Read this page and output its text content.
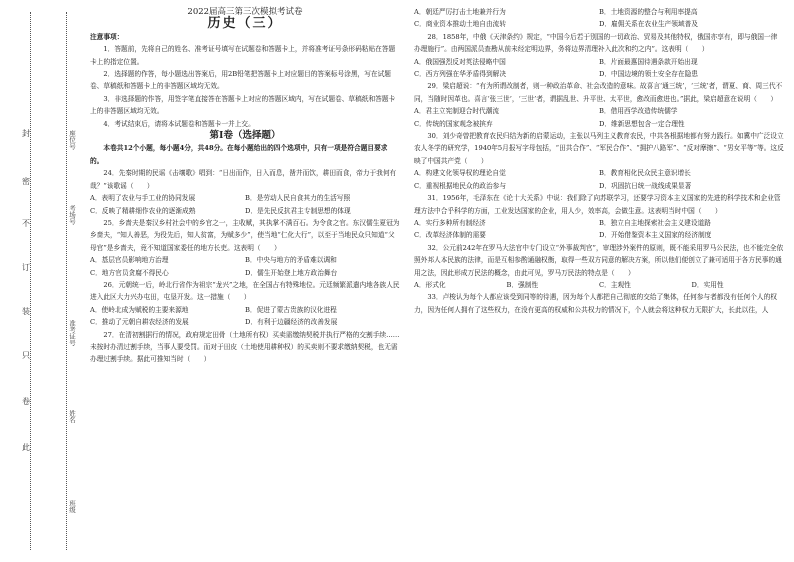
封
密
不
订
装
只
卷
此
座位号
考场号
准考证号
姓名
班级
2022届高三第三次模拟考试卷
历史（三）
注意事项：

1．答题前，先将自己的姓名、准考证号填写在试题卷和答题卡上，并将准考证号条形码粘贴在答题卡上的指定位置。

2．选择题的作答，每小题选出答案后，用2B铅笔把答题卡上对应题目的答案标号涂黑，写在试题卷、草稿纸和答题卡上的非答题区域均无效。

3．非选择题的作答，用签字笔直接答在答题卡上对应的答题区域内，写在试题卷、草稿纸和答题卡上的非答题区域均无效。

4．考试结束后，请将本试题卷和答题卡一并上交。

第Ⅰ卷（选择题）

本卷共12个小题，每小题4分，共48分。在每小题给出的四个选项中，只有一项是符合题目要求的。

24．先秦时期的民谣《击壤歌》唱到：“日出而作，日入而息，凿井而饮，耕田而食，帝力于我何有哉？”该歌谣（　　）

A．表明了农业与手工业的协同发展	B．是劳动人民自食其力的生活写照
C．反映了精耕细作农业的逐渐成熟	D．是先民反抗君主专制思想的体现

25．乡啬夫是秦汉乡村社会中的乡官之一，主收赋，其执掌不满百石。为令食之官。东汉儒生夏冠为乡啬夫，“知人善恶，为役先后，知人贫富，为赋多少”，使当地“仁化大行”，以至于当地民众只知道“父母官”是乡啬夫，竟不知道国家委任的地方长吏。这表明（　　）

A．基层官员影响地方治理	B．中央与地方的矛盾难以调和
C．地方官员贪腐不得民心	D．儒生开始登上地方政治舞台

26．元朝统一后，岭北行省作为祖宗“龙兴”之地，在全国占有特殊地位。元廷频繁派遣内地各族人民进入此区大力兴办屯田，屯垦开发。这一措施（　　）

A．使岭北成为赋税的主要来源地	B．促进了蒙古贵族的汉化进程
C．推动了元朝自耕农经济的发展	D．有利于边疆经济的改善发展

27．在清初割据行的情况，政府规定田骨（土地所有权）买卖需缴纳契税并执行严格的交割手续……未按时办清过割手续，当事人要受罚。而对于田皮（土地使用耕种权）的买卖则不要求缴纳契税，也无需办理过割手续。据此可推知当时（　　）

A．朝廷严厉打击土地兼并行为	B．土地资源的整合与利用率提高
C．商业资本推动土地自由流转	D．雇佣关系在农业生产领域普及

28．1858年，中俄《天津条约》规定，“中国今后若于别国的一切政治、贸易及其他特权，俄国亦享有，即与俄国一律办理施行”。由两国派员查勘从前未经定明边界，务将边界清理补入此次和约之内”。这表明（　　）

A．俄国强烈反对英法侵略中国	B．片面最惠国待遇条款开始出现
C．西方列强在华矛盾得到解决	D．中国边境的领土安全存在隐患

29．梁启超说：“有为所谓改制者，则一种政治革命、社会改造的意味。故喜言‘通三统’，‘三统’者，谓夏、商、周三代不同，当随时因革也。喜言‘张三世’，‘三世’者，谓据乱世、升平世、太平世，愈改而愈进也。”据此，梁启超意在说明（　　）

A．君主立宪制迎合时代潮流	B．借用西学改造传统儒学
C．传统的国家观念被摈弃	D．维新思想包含一定合理性

30．刘少奇曾把教育农民归结为新的启蒙运动，主张以马列主义教育农民，中共各根据地都有努力践行。如冀中广泛设立农人冬学的研究学，1940年5月报写字母包括，“田共合作”、“军民合作”、“拥护八路军”、“反对摩擦”、“男女平等”等。这反映了中国共产党（　　）

A．构建文化领导权的理论自觉	B．教育相化民众民主意识增长
C．重视根据地民众的政治参与	D．巩固抗日统一战线成果显著

31．1956年，毛泽东在《论十大关系》中说：我们除了向苏联学习，还要学习资本主义国家的先进的科学技术和企业管理方法中合乎科学的方面，工业发达国家的企业，用人少，效率高，会做生意。这表明当时中国（　　）

A．实行多种所有制经济	B．独立自主地探索社会主义建设道路
C．改革经济体制的需要	D．开始借鉴资本主义国家的经济制度

32．公元前242年在罗马大法官中专门设立“外事裁判官”，审理涉外案件的原则，既不能采用罗马公民法，也不能完全依照外邦人本民族的法律，而是互相参酌通融权衡，取得一些双方同意的解决方案，所以他们便创立了兼可适用于各方民事的通用之法，因此形成万民法的概念，由此可见，罗马万民法的特点是（　　）

A．形式化	B．强制性	C．主观性	D．实用性

33．卢梭认为每个人都应该受到同等的待遇，因为每个人都把自己彻底的交给了集体，任何参与者都没有任何个人的权力，因为任何人拥有了这些权力，在没有更高的权威和公共权力的情况下，个人就会将这种权力无限扩大，长此以往，人
